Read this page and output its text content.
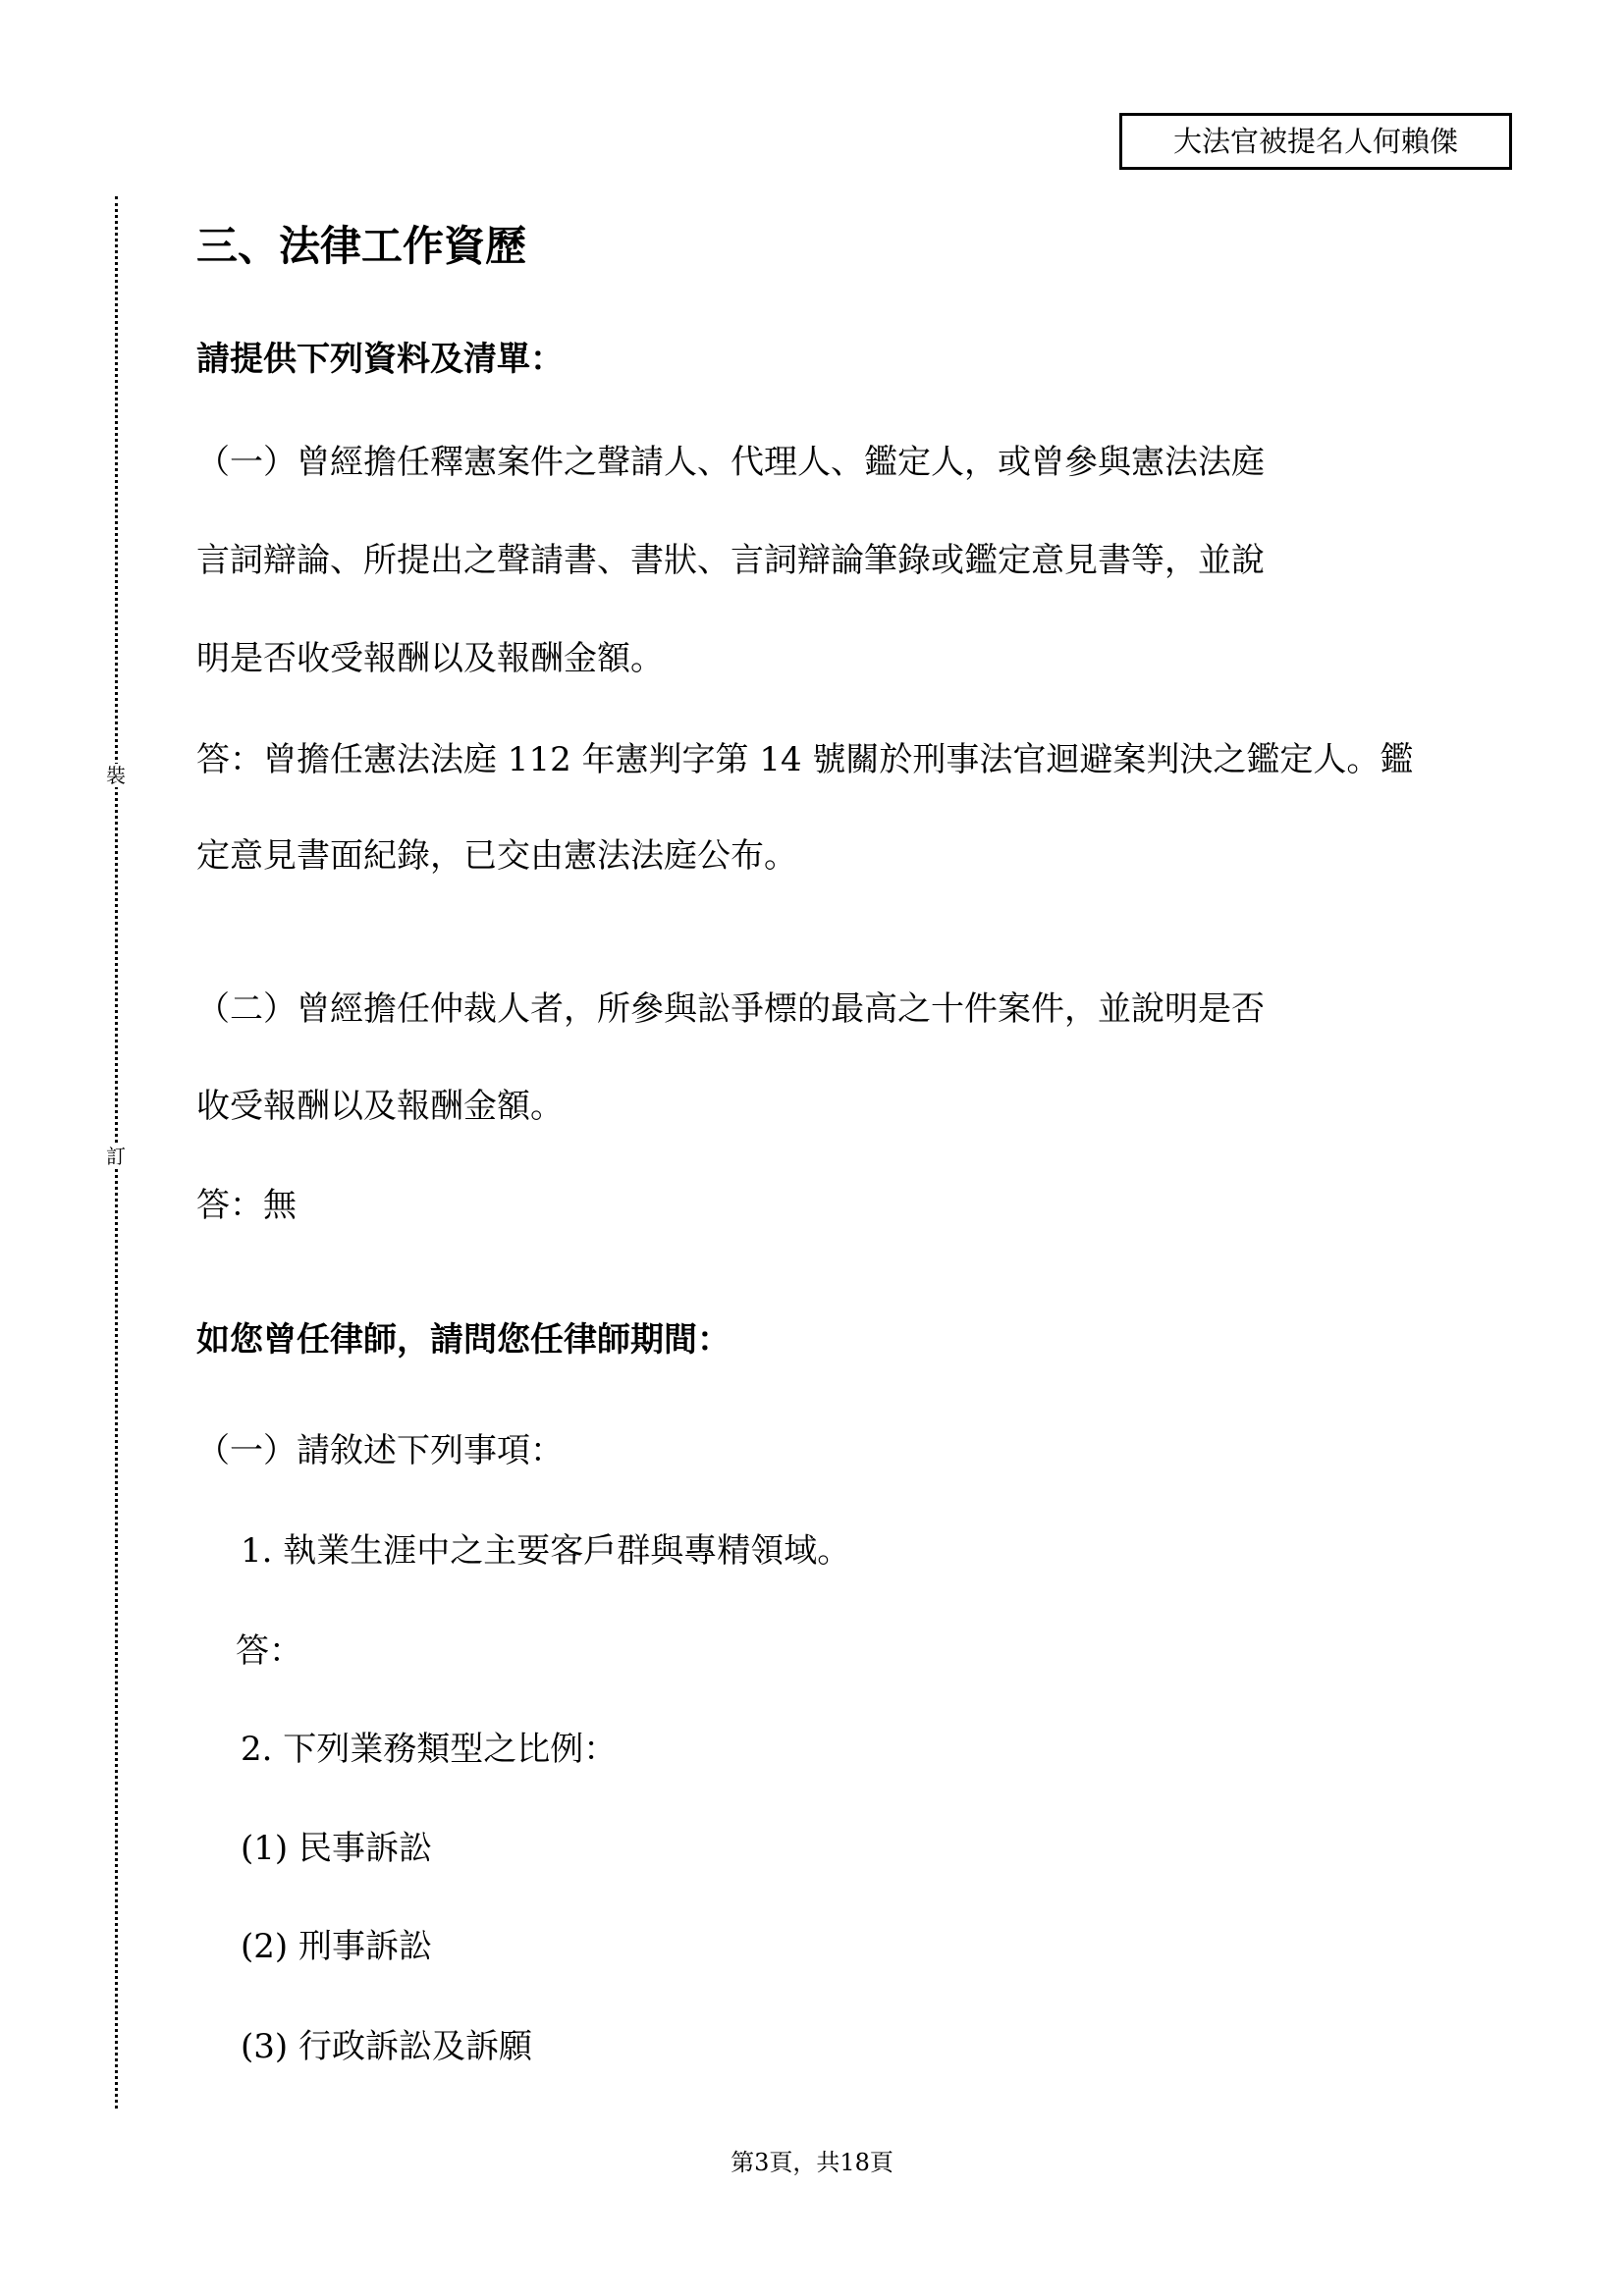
大法官被提名人何賴傑
裝
訂
三、法律工作資歷
請提供下列資料及清單：
（一）曾經擔任釋憲案件之聲請人、代理人、鑑定人，或曾參與憲法法庭
言詞辯論、所提出之聲請書、書狀、言詞辯論筆錄或鑑定意見書等，並說
明是否收受報酬以及報酬金額。
答：曾擔任憲法法庭 112 年憲判字第 14 號關於刑事法官迴避案判決之鑑定人。鑑
定意見書面紀錄，已交由憲法法庭公布。
（二）曾經擔任仲裁人者，所參與訟爭標的最高之十件案件，並說明是否
收受報酬以及報酬金額。
答：無
如您曾任律師，請問您任律師期間：
（一）請敘述下列事項：
1. 執業生涯中之主要客戶群與專精領域。
答：
2. 下列業務類型之比例：
(1) 民事訴訟
(2) 刑事訴訟
(3) 行政訴訟及訴願
第3頁，共18頁
